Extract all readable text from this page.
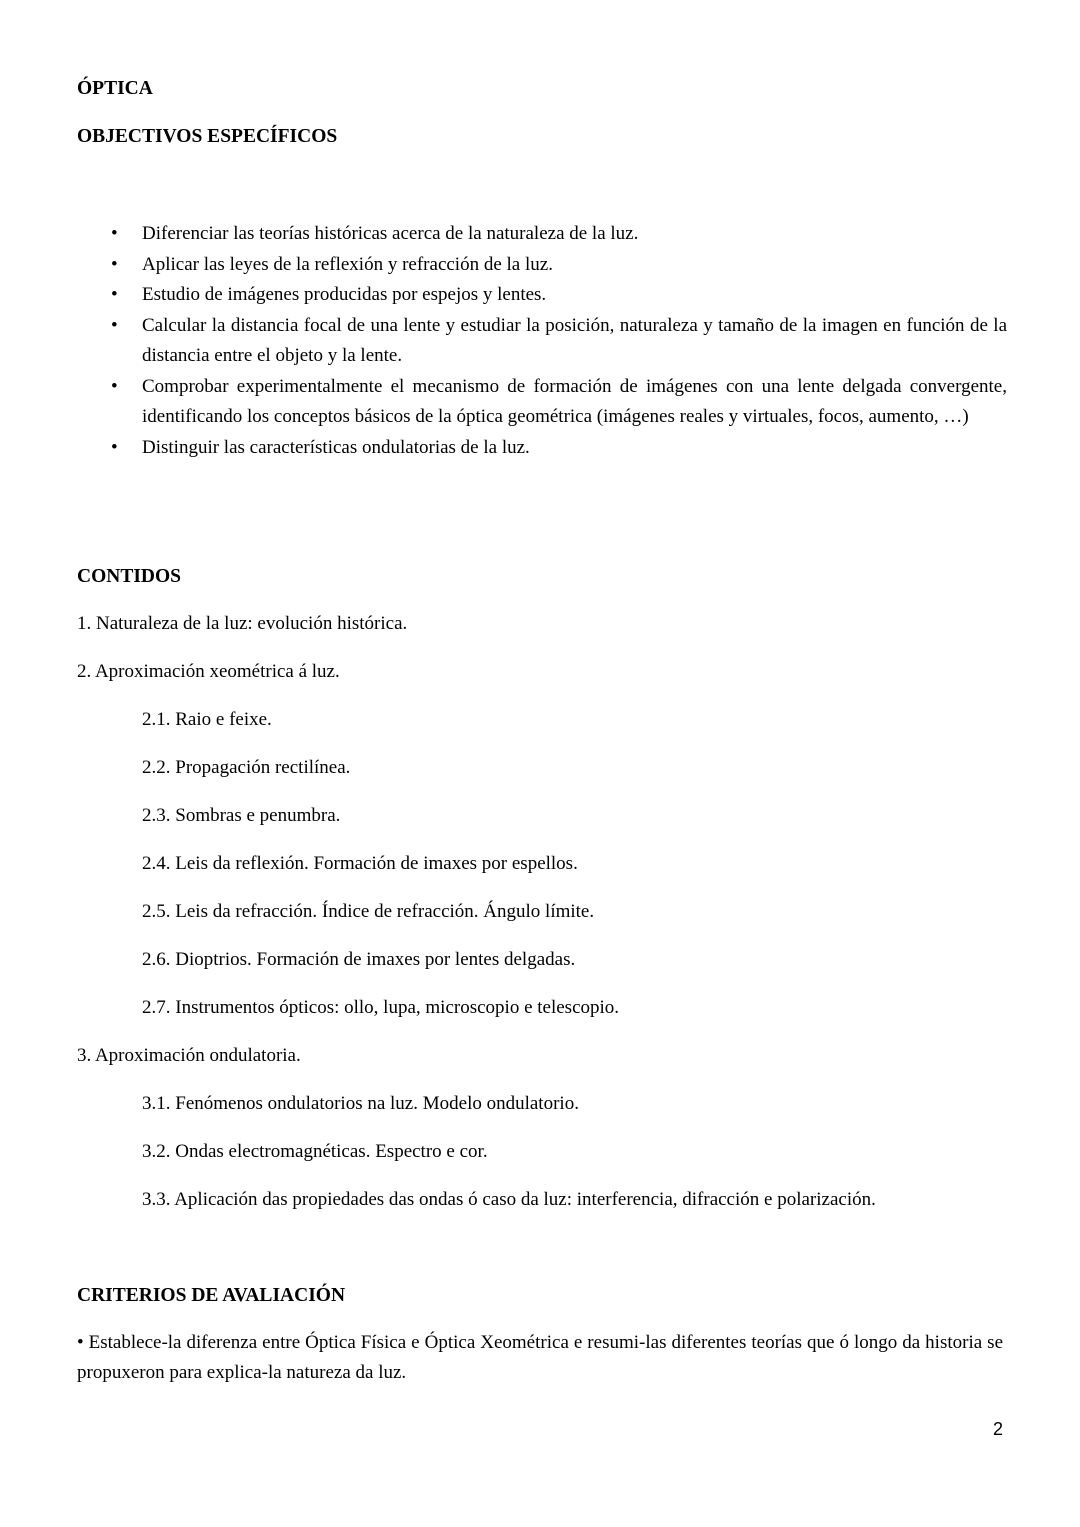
ÓPTICA
OBJECTIVOS ESPECÍFICOS
• Diferenciar las teorías históricas acerca de la naturaleza de la luz.
• Aplicar las leyes de la reflexión y refracción de la luz.
• Estudio de imágenes producidas por espejos y lentes.
• Calcular la distancia focal de una lente y estudiar la posición, naturaleza y tamaño de la imagen en función de la distancia entre el objeto y la lente.
• Comprobar experimentalmente el mecanismo de formación de imágenes con una lente delgada convergente, identificando los conceptos básicos de la óptica geométrica (imágenes reales y virtuales, focos, aumento, …)
• Distinguir las características ondulatorias de la luz.
CONTIDOS

1. Naturaleza de la luz: evolución histórica.

2. Aproximación xeométrica á luz.

2.1. Raio e feixe.

2.2. Propagación rectilínea.

2.3. Sombras e penumbra.

2.4. Leis da reflexión. Formación de imaxes por espellos.

2.5. Leis da refracción. Índice de refracción. Ángulo límite.

2.6. Dioptrios. Formación de imaxes por lentes delgadas.

2.7. Instrumentos ópticos: ollo, lupa, microscopio e telescopio.

3. Aproximación ondulatoria.

3.1. Fenómenos ondulatorios na luz. Modelo ondulatorio.

3.2. Ondas electromagnéticas. Espectro e cor.

3.3. Aplicación das propiedades das ondas ó caso da luz: interferencia, difracción e polarización.

CRITERIOS DE AVALIACIÓN

• Establece-la diferenza entre Óptica Física e Óptica Xeométrica e resumi-las diferentes teorías que ó longo da historia se propuxeron para explica-la natureza da luz.

2
